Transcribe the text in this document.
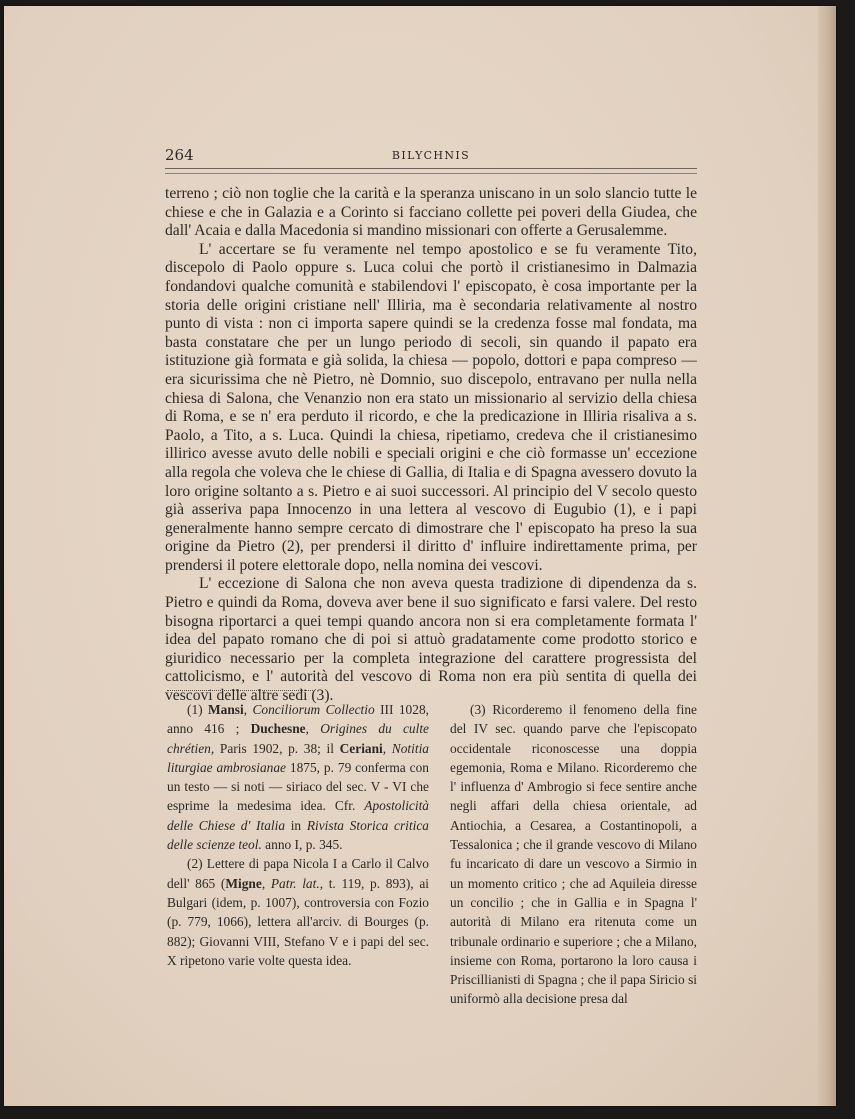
264	BILYCHNIS

terreno ; ciò non toglie che la carità e la speranza uniscano in un solo slancio tutte le chiese e che in Galazia e a Corinto si facciano collette pei poveri della Giudea, che dall' Acaia e dalla Macedonia si mandino missionari con offerte a Gerusalemme.

L' accertare se fu veramente nel tempo apostolico e se fu veramente Tito, discepolo di Paolo oppure s. Luca colui che portò il cristianesimo in Dalmazia fondandovi qualche comunità e stabilendovi l' episcopato, è cosa importante per la storia delle origini cristiane nell' Illiria, ma è secondaria relativamente al nostro punto di vista : non ci importa sapere quindi se la credenza fosse mal fondata, ma basta constatare che per un lungo periodo di secoli, sin quando il papato era istituzione già formata e già solida, la chiesa — popolo, dottori e papa compreso — era sicurissima che nè Pietro, nè Domnio, suo discepolo, entravano per nulla nella chiesa di Salona, che Venanzio non era stato un missionario al servizio della chiesa di Roma, e se n' era perduto il ricordo, e che la predicazione in Illiria risaliva a s. Paolo, a Tito, a s. Luca. Quindi la chiesa, ripetiamo, credeva che il cristianesimo illirico avesse avuto delle nobili e speciali origini e che ciò formasse un' eccezione alla regola che voleva che le chiese di Gallia, di Italia e di Spagna avessero dovuto la loro origine soltanto a s. Pietro e ai suoi successori. Al principio del V secolo questo già asseriva papa Innocenzo in una lettera al vescovo di Eugubio (1), e i papi generalmente hanno sempre cercato di dimostrare che l' episcopato ha preso la sua origine da Pietro (2), per prendersi il diritto d' influire indirettamente prima, per prendersi il potere elettorale dopo, nella nomina dei vescovi.

L' eccezione di Salona che non aveva questa tradizione di dipendenza da s. Pietro e quindi da Roma, doveva aver bene il suo significato e farsi valere. Del resto bisogna riportarci a quei tempi quando ancora non si era completamente formata l' idea del papato romano che di poi si attuò gradatamente come prodotto storico e giuridico necessario per la completa integrazione del carattere progressista del cattolicismo, e l' autorità del vescovo di Roma non era più sentita di quella dei vescovi delle altre sedi (3).

(1) Mansi, Conciliorum Collectio III 1028, anno 416 ; Duchesne, Origines du culte chrétien, Paris 1902, p. 38; il Ceriani, Notitia liturgiae ambrosianae 1875, p. 79 conferma con un testo — si noti — siriaco del sec. V - VI che esprime la medesima idea. Cfr. Apostolicità delle Chiese d' Italia in Rivista Storica critica delle scienze teol. anno I, p. 345.

(2) Lettere di papa Nicola I a Carlo il Calvo dell' 865 (Migne, Patr. lat., t. 119, p. 893), ai Bulgari (idem, p. 1007), controversia con Fozio (p. 779, 1066), lettera all'arciv. di Bourges (p. 882); Giovanni VIII, Stefano V e i papi del sec. X ripetono varie volte questa idea.

(3) Ricorderemo il fenomeno della fine del IV sec. quando parve che l'episcopato occidentale riconoscesse una doppia egemonia, Roma e Milano. Ricorderemo che l' influenza d' Ambrogio si fece sentire anche negli affari della chiesa orientale, ad Antiochia, a Cesarea, a Costantinopoli, a Tessalonica ; che il grande vescovo di Milano fu incaricato di dare un vescovo a Sirmio in un momento critico ; che ad Aquileia diresse un concilio ; che in Gallia e in Spagna l' autorità di Milano era ritenuta come un tribunale ordinario e superiore ; che a Milano, insieme con Roma, portarono la loro causa i Priscillianisti di Spagna ; che il papa Siricio si uniformò alla decisione presa dal
